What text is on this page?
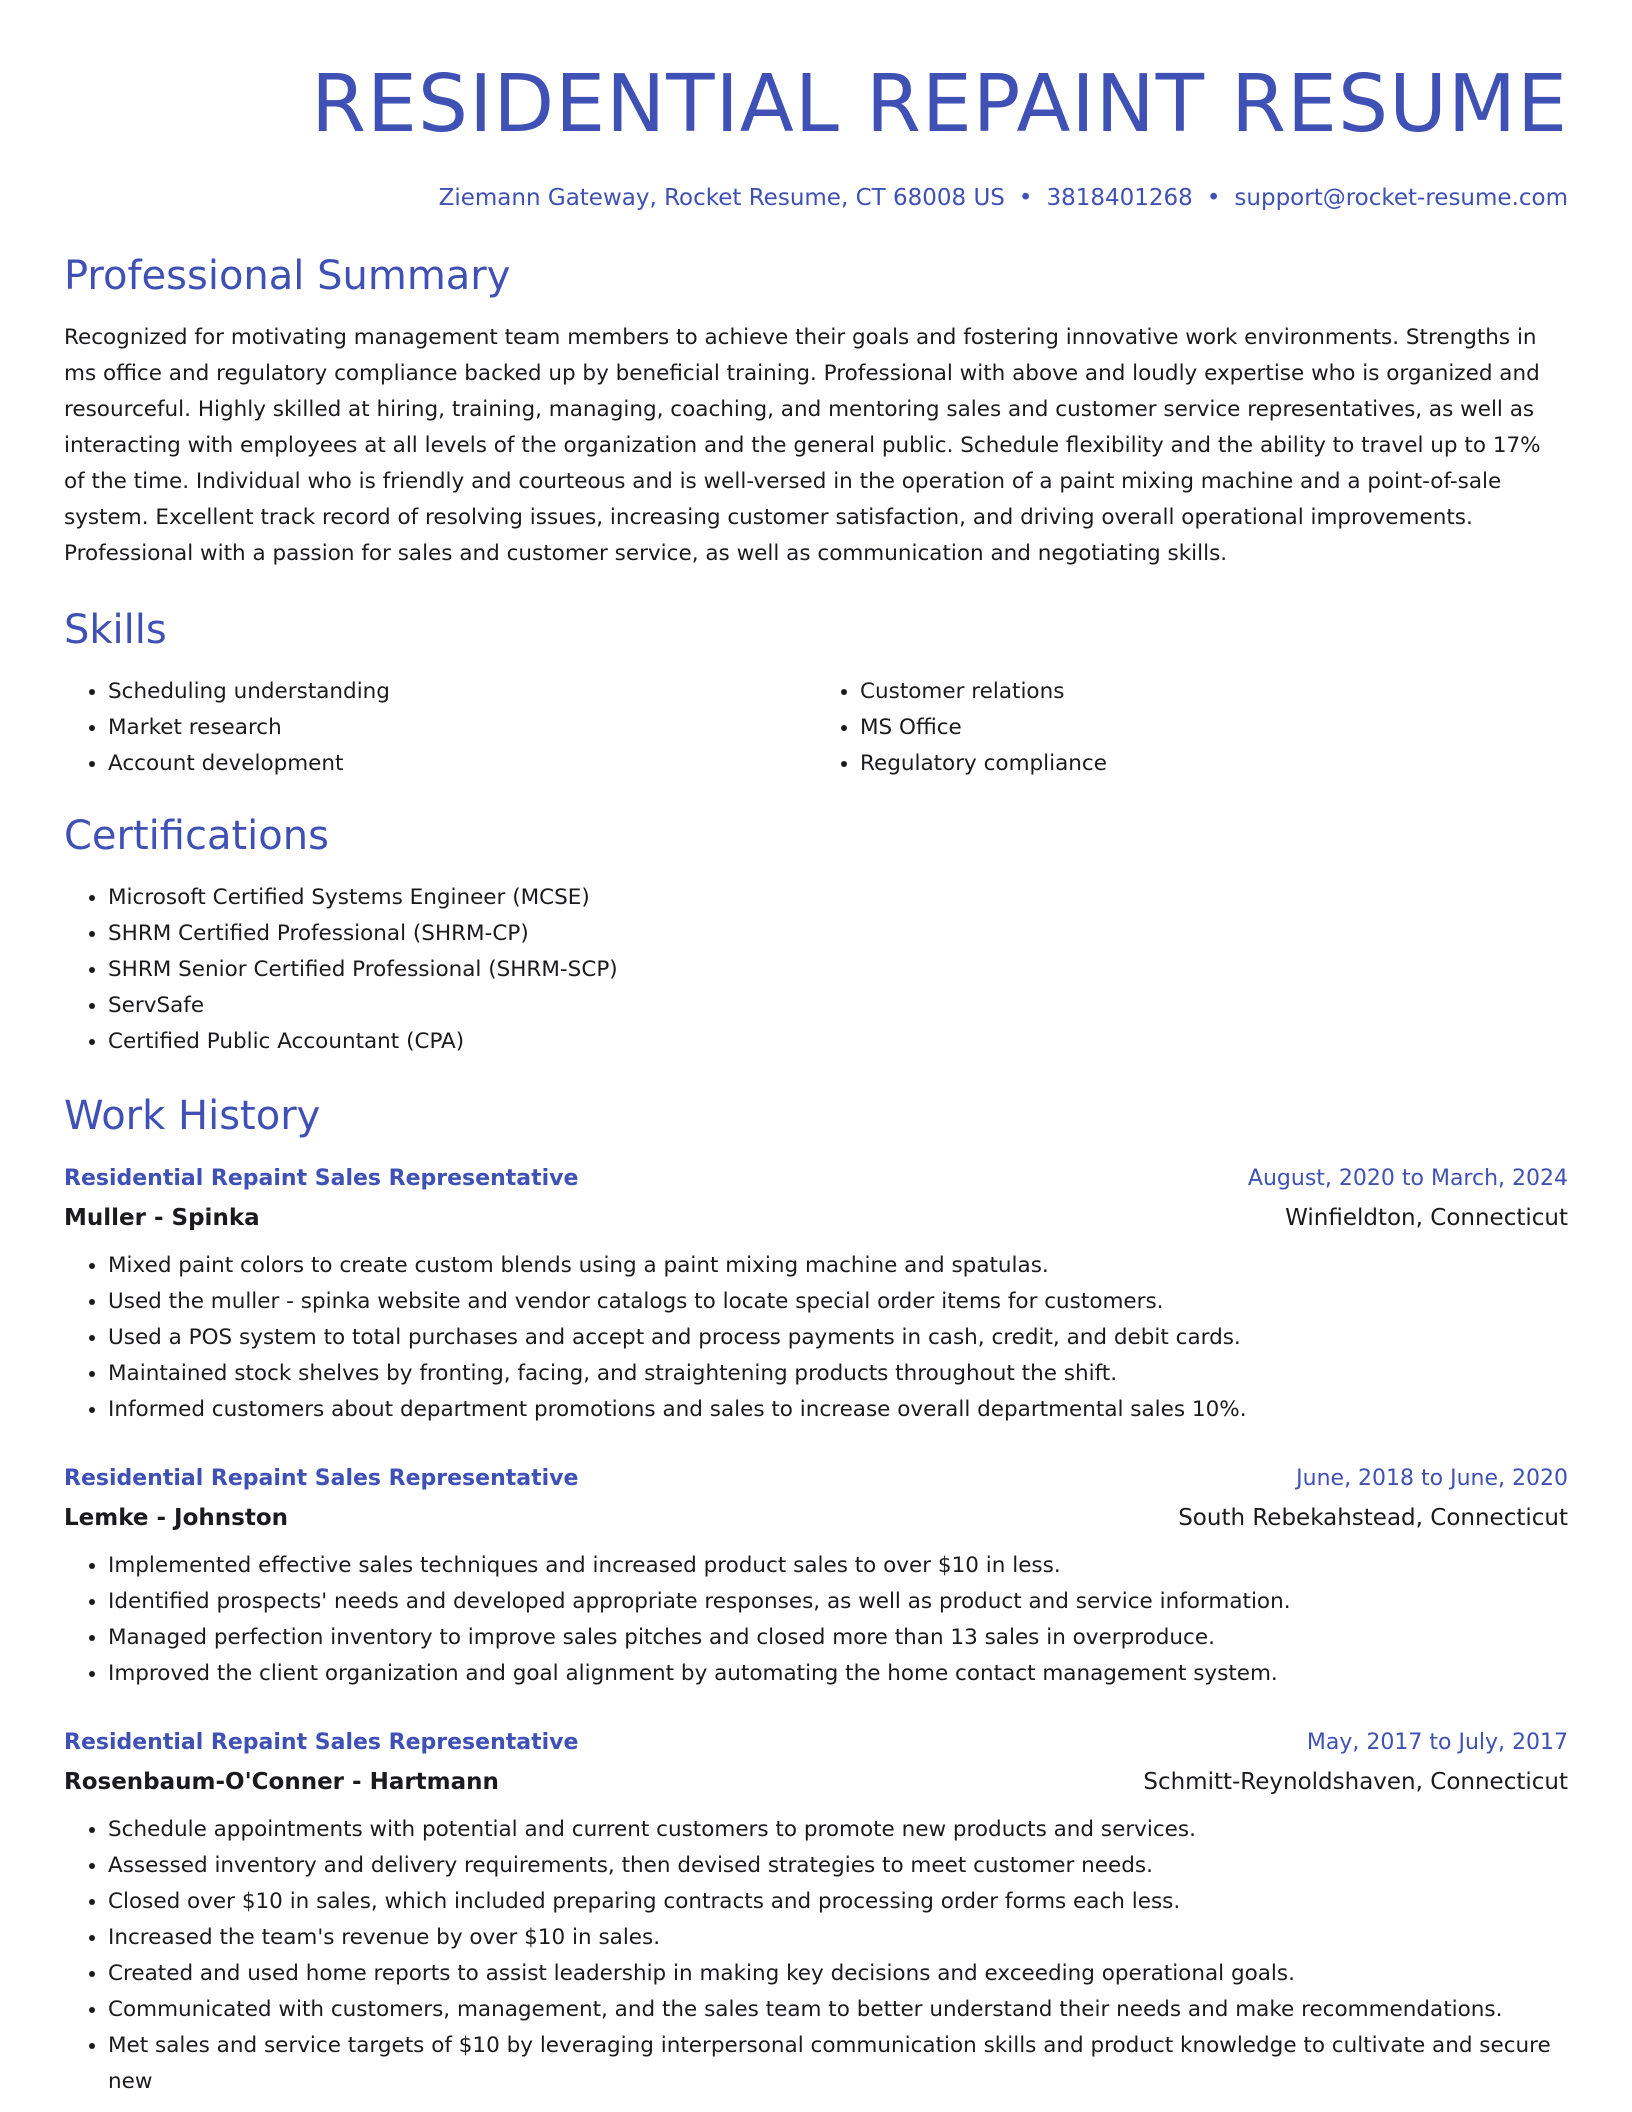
RESIDENTIAL REPAINT RESUME
Ziemann Gateway, Rocket Resume, CT 68008 US • 3818401268 • support@rocket-resume.com
Professional Summary

Recognized for motivating management team members to achieve their goals and fostering innovative work environments. Strengths in ms office and regulatory compliance backed up by beneficial training. Professional with above and loudly expertise who is organized and resourceful. Highly skilled at hiring, training, managing, coaching, and mentoring sales and customer service representatives, as well as interacting with employees at all levels of the organization and the general public. Schedule flexibility and the ability to travel up to 17% of the time. Individual who is friendly and courteous and is well-versed in the operation of a paint mixing machine and a point-of-sale system. Excellent track record of resolving issues, increasing customer satisfaction, and driving overall operational improvements. Professional with a passion for sales and customer service, as well as communication and negotiating skills.

Skills
• Scheduling understanding
• Market research
• Account development
• Customer relations
• MS Office
• Regulatory compliance
Certifications
• Microsoft Certified Systems Engineer (MCSE)
• SHRM Certified Professional (SHRM-CP)
• SHRM Senior Certified Professional (SHRM-SCP)
• ServSafe
• Certified Public Accountant (CPA)
Work History
Residential Repaint Sales Representative	August, 2020 to March, 2024
Muller - Spinka	Winfieldton, Connecticut
• Mixed paint colors to create custom blends using a paint mixing machine and spatulas.
• Used the muller - spinka website and vendor catalogs to locate special order items for customers.
• Used a POS system to total purchases and accept and process payments in cash, credit, and debit cards.
• Maintained stock shelves by fronting, facing, and straightening products throughout the shift.
• Informed customers about department promotions and sales to increase overall departmental sales 10%.
Residential Repaint Sales Representative	June, 2018 to June, 2020
Lemke - Johnston	South Rebekahstead, Connecticut
• Implemented effective sales techniques and increased product sales to over $10 in less.
• Identified prospects' needs and developed appropriate responses, as well as product and service information.
• Managed perfection inventory to improve sales pitches and closed more than 13 sales in overproduce.
• Improved the client organization and goal alignment by automating the home contact management system.
Residential Repaint Sales Representative	May, 2017 to July, 2017
Rosenbaum-O'Conner - Hartmann	Schmitt-Reynoldshaven, Connecticut
• Schedule appointments with potential and current customers to promote new products and services.
• Assessed inventory and delivery requirements, then devised strategies to meet customer needs.
• Closed over $10 in sales, which included preparing contracts and processing order forms each less.
• Increased the team's revenue by over $10 in sales.
• Created and used home reports to assist leadership in making key decisions and exceeding operational goals.
• Communicated with customers, management, and the sales team to better understand their needs and make recommendations.
• Met sales and service targets of $10 by leveraging interpersonal communication skills and product knowledge to cultivate and secure new
